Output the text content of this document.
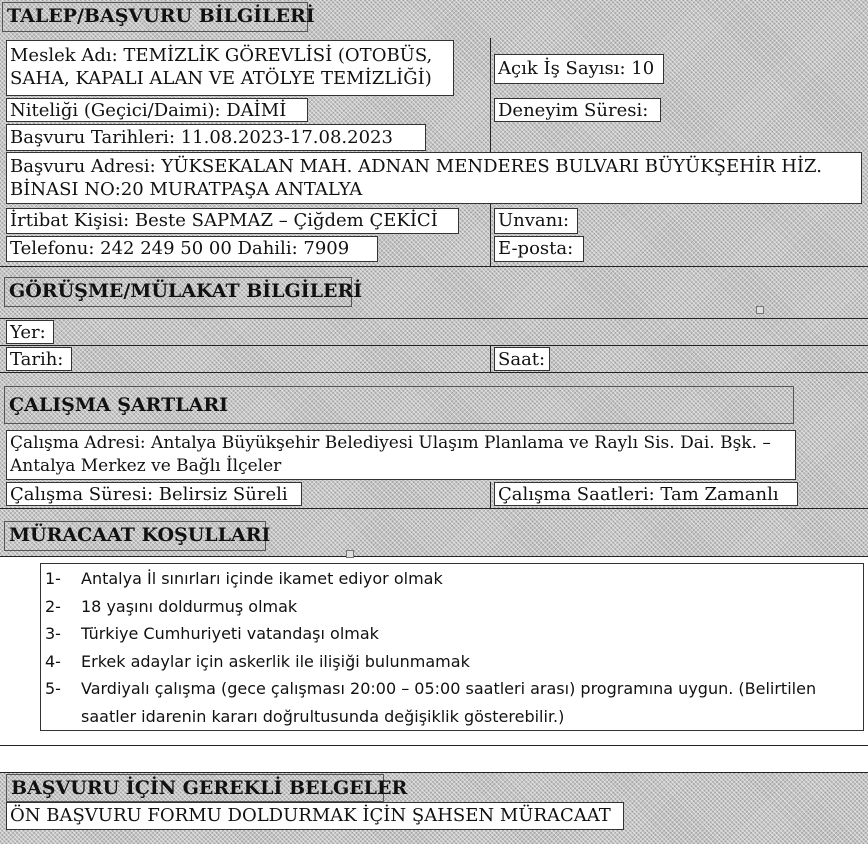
TALEP/BAŞVURU BİLGİLERİ
Meslek Adı: TEMİZLİK GÖREVLİSİ (OTOBÜS,
SAHA, KAPALI ALAN VE ATÖLYE TEMİZLİĞİ)	Açık İş Sayısı: 10
Niteliği (Geçici/Daimi): DAİMİ	Deneyim Süresi:
Başvuru Tarihleri: 11.08.2023-17.08.2023
Başvuru Adresi: YÜKSEKALAN MAH. ADNAN MENDERES BULVARI BÜYÜKŞEHİR HİZ.
BİNASI NO:20 MURATPAŞA ANTALYA
İrtibat Kişisi: Beste SAPMAZ – Çiğdem ÇEKİCİ	Unvanı:
Telefonu: 242 249 50 00 Dahili: 7909	E-posta:
GÖRÜŞME/MÜLAKAT BİLGİLERİ
Yer:
Tarih:	Saat:
ÇALIŞMA ŞARTLARI
Çalışma Adresi: Antalya Büyükşehir Belediyesi Ulaşım Planlama ve Raylı Sis. Dai. Bşk. –
Antalya Merkez ve Bağlı İlçeler
Çalışma Süresi: Belirsiz Süreli	Çalışma Saatleri: Tam Zamanlı
MÜRACAAT KOŞULLARI
1-	Antalya İl sınırları içinde ikamet ediyor olmak
2-	18 yaşını doldurmuş olmak
3-	Türkiye Cumhuriyeti vatandaşı olmak
4-	Erkek adaylar için askerlik ile ilişiği bulunmamak
5-	Vardiyalı çalışma (gece çalışması 20:00 – 05:00 saatleri arası) programına uygun. (Belirtilen saatler idarenin kararı doğrultusunda değişiklik gösterebilir.)
BAŞVURU İÇİN GEREKLİ BELGELER
ÖN BAŞVURU FORMU DOLDURMAK İÇİN ŞAHSEN MÜRACAAT
